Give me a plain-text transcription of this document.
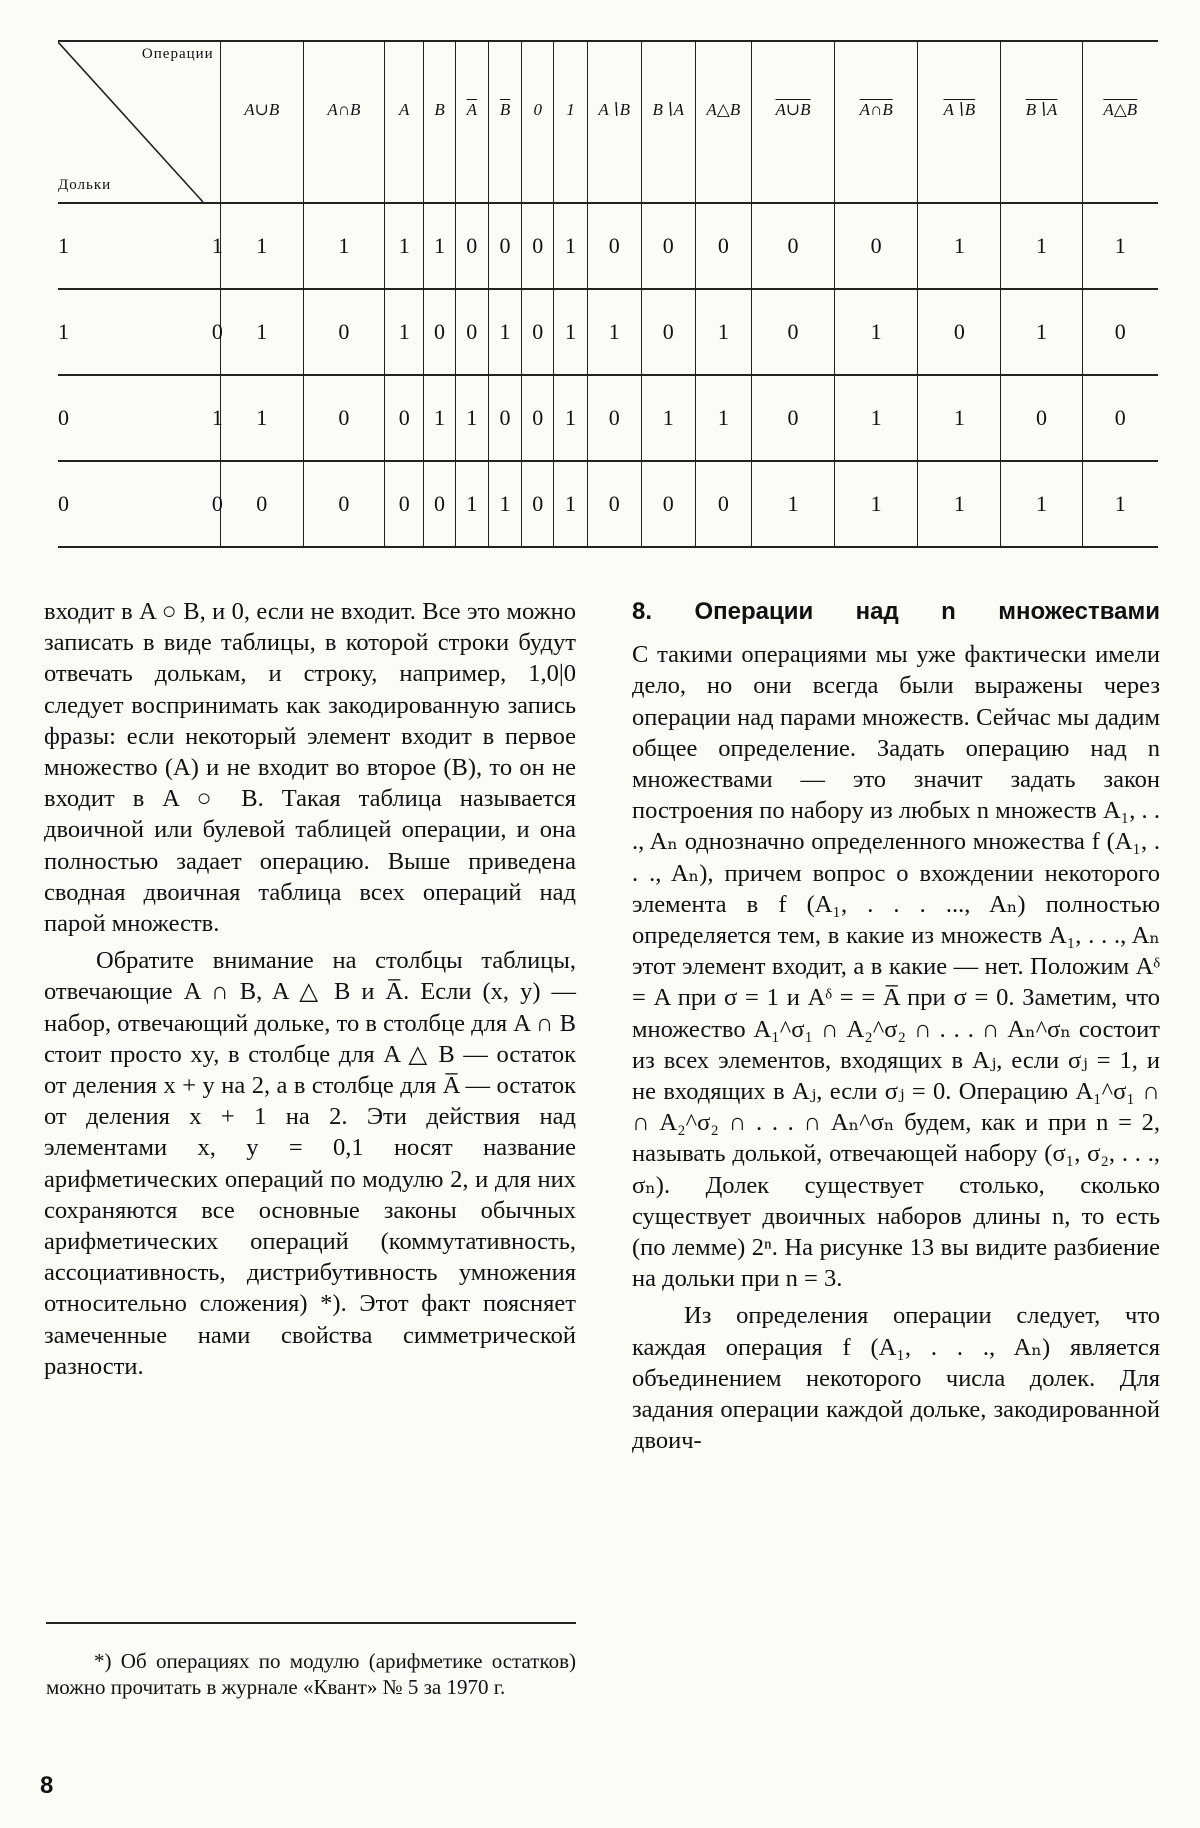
Операции
Дольки		A∪B	A∩B	A	B	$\overline{A}$	$\overline{B}$	0	1	A∖B	B∖A	A△B	A∪B	A∩B	A∖B	B∖A	A△B
1	1	1	1	1	1	0	0	0	1	0	0	0	0	0	1	1	1
1	0	1	0	1	0	0	1	0	1	1	0	1	0	1	0	1	0
0	1	1	0	0	1	1	0	0	1	0	1	1	0	1	1	0	0
0	0	0	0	0	0	1	1	0	1	0	0	0	1	1	1	1	1

входит в A ○ B, и 0, если не входит. Все это можно записать в виде таблицы, в которой строки будут отвечать долькам, и строку, например, 1,0|0 следует воспринимать как закодированную запись фразы: если некоторый элемент входит в первое множество (A) и не входит во второе (B), то он не входит в A ○ B. Такая таблица называется двоичной или булевой таблицей операции, и она полностью задает операцию. Выше приведена сводная двоичная таблица всех операций над парой множеств.

Обратите внимание на столбцы таблицы, отвечающие A ∩ B, A △ B и A̅. Если (x, y) — набор, отвечающий дольке, то в столбце для A ∩ B стоит просто xy, в столбце для A △ B — остаток от деления x + y на 2, а в столбце для A̅ — остаток от деления x + 1 на 2. Эти действия над элементами x, y = 0,1 носят название арифметических операций по модулю 2, и для них сохраняются все основные законы обычных арифметических операций (коммутативность, ассоциативность, дистрибутивность умножения относительно сложения) *). Этот факт поясняет замеченные нами свойства симметрической разности.

*) Об операциях по модулю (арифметике остатков) можно прочитать в журнале «Квант» № 5 за 1970 г.

8. Операции над n множествами

С такими операциями мы уже фактически имели дело, но они всегда были выражены через операции над парами множеств. Сейчас мы дадим общее определение. Задать операцию над n множествами — это значит задать закон построения по набору из любых n множеств A₁, . . ., Aₙ однозначно определенного множества f (A₁, . . ., Aₙ), причем вопрос о вхождении некоторого элемента в f (A₁, . . . ..., Aₙ) полностью определяется тем, в какие из множеств A₁, . . ., Aₙ этот элемент входит, а в какие — нет. Положим Aᵟ = A при σ = 1 и Aᵟ = = A̅ при σ = 0. Заметим, что множество A₁^σ₁ ∩ A₂^σ₂ ∩ . . . ∩ Aₙ^σₙ состоит из всех элементов, входящих в Aⱼ, если σⱼ = 1, и не входящих в Aⱼ, если σⱼ = 0. Операцию A₁^σ₁ ∩ ∩ A₂^σ₂ ∩ . . . ∩ Aₙ^σₙ будем, как и при n = 2, называть долькой, отвечающей набору (σ₁, σ₂, . . ., σₙ). Долек существует столько, сколько существует двоичных наборов длины n, то есть (по лемме) 2ⁿ. На рисунке 13 вы видите разбиение на дольки при n = 3.

Из определения операции следует, что каждая операция f (A₁, . . ., Aₙ) является объединением некоторого числа долек. Для задания операции каждой дольке, закодированной двоич-

8
